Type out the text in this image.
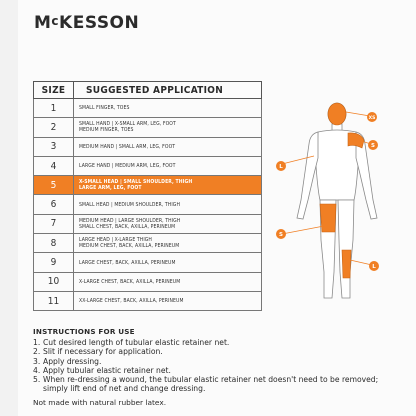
McKESSON
SIZE	SUGGESTED APPLICATION
1	SMALL FINGER, TOES

2	SMALL HAND | X-SMALL ARM, LEG, FOOT
MEDIUM FINGER, TOES

3	MEDIUM HAND | SMALL ARM, LEG, FOOT

4	LARGE HAND | MEDIUM ARM, LEG, FOOT

5	X-SMALL HEAD | SMALL SHOULDER, THIGH
LARGE ARM, LEG, FOOT

6	SMALL HEAD | MEDIUM SHOULDER, THIGH

7	MEDIUM HEAD | LARGE SHOULDER, THIGH
SMALL CHEST, BACK, AXILLA, PERINEUM

8	LARGE HEAD | X-LARGE THIGH
MEDIUM CHEST, BACK, AXILLA, PERINEUM

9	LARGE CHEST, BACK, AXILLA, PERINEUM

10	X-LARGE CHEST, BACK, AXILLA, PERINEUM

11	XX-LARGE CHEST, BACK, AXILLA, PERINEUM
XS
S
L
S
L
INSTRUCTIONS FOR USE
1. Cut desired length of tubular elastic retainer net.
2. Slit if necessary for application.
3. Apply dressing.
4. Apply tubular elastic retainer net.
5. When re-dressing a wound, the tubular elastic retainer net doesn't need to be removed; simply lift end of net and change dressing.
Not made with natural rubber latex.
